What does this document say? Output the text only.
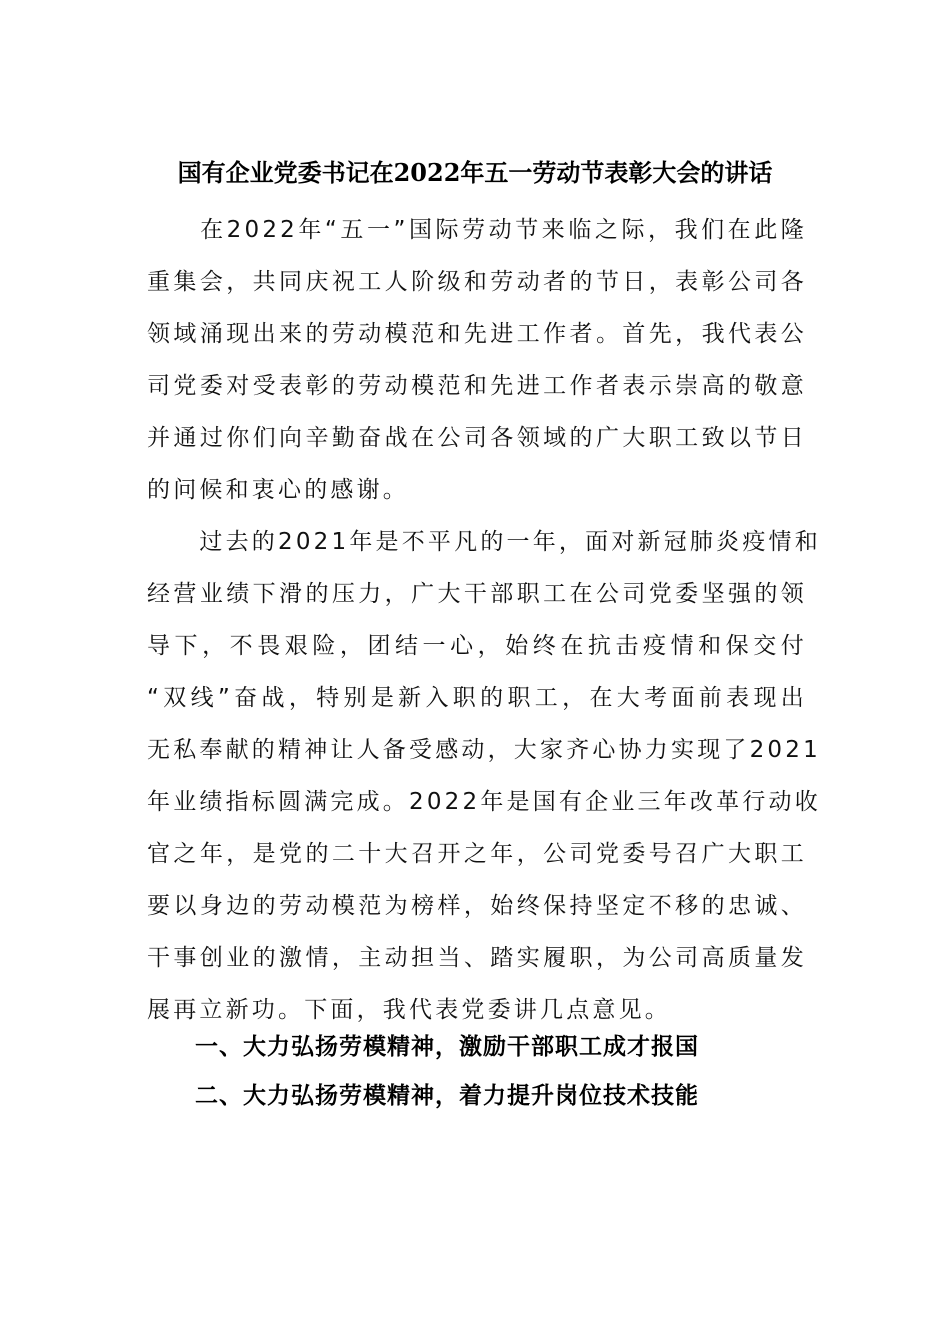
国有企业党委书记在2022年五一劳动节表彰大会的讲话
　　在2022年“五一”国际劳动节来临之际，我们在此隆
重集会，共同庆祝工人阶级和劳动者的节日，表彰公司各
领域涌现出来的劳动模范和先进工作者。首先，我代表公
司党委对受表彰的劳动模范和先进工作者表示崇高的敬意
并通过你们向辛勤奋战在公司各领域的广大职工致以节日
的问候和衷心的感谢。
　　过去的2021年是不平凡的一年，面对新冠肺炎疫情和
经营业绩下滑的压力，广大干部职工在公司党委坚强的领
导下，不畏艰险，团结一心，始终在抗击疫情和保交付
“双线”奋战，特别是新入职的职工，在大考面前表现出
无私奉献的精神让人备受感动，大家齐心协力实现了2021
年业绩指标圆满完成。2022年是国有企业三年改革行动收
官之年，是党的二十大召开之年，公司党委号召广大职工
要以身边的劳动模范为榜样，始终保持坚定不移的忠诚、
干事创业的激情，主动担当、踏实履职，为公司高质量发
展再立新功。下面，我代表党委讲几点意见。
一、大力弘扬劳模精神，激励干部职工成才报国
二、大力弘扬劳模精神，着力提升岗位技术技能
